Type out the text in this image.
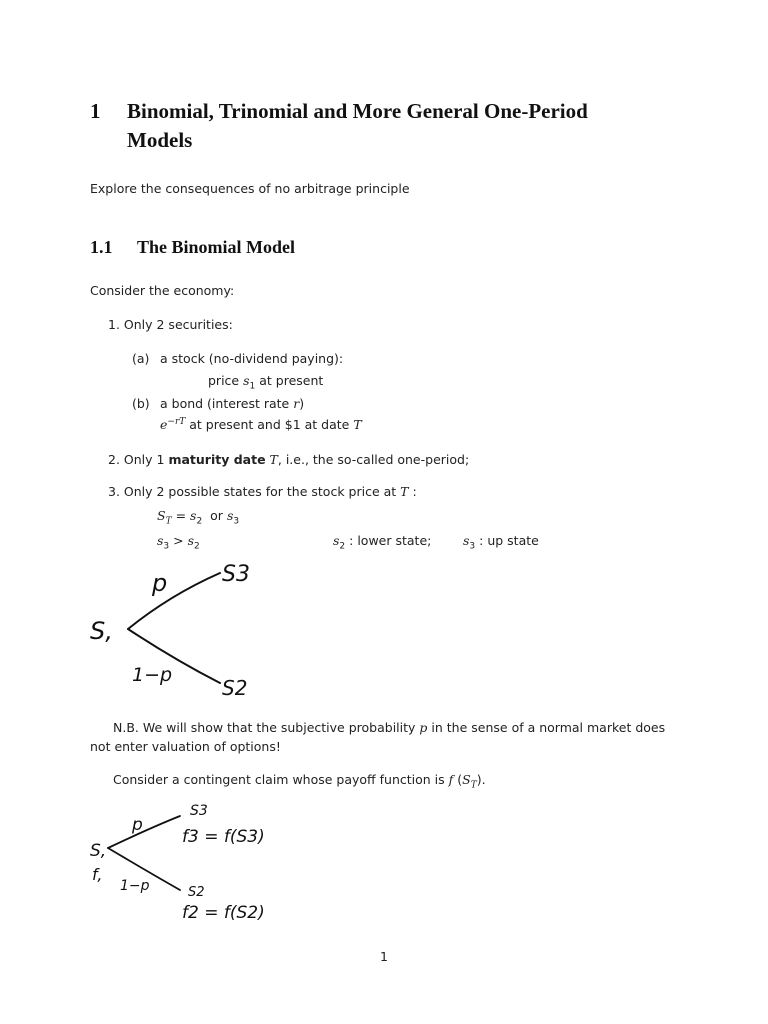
1 Binomial, Trinomial and More General One-Period
Models
Explore the consequences of no arbitrage principle
1.1 The Binomial Model
Consider the economy:
1. Only 2 securities:
(a) a stock (no-dividend paying):
price $s_1$ at present
(b) a bond (interest rate r)
$e^{-rT}$ at present and $1 at date T
2. Only 1 maturity date T, i.e., the so-called one-period;
3. Only 2 possible states for the stock price at T :
$S_T = s_2$ or $s_3$
$s_3 > s_2$	$s_2$ : lower state;	$s_3$ : up state
S,
p
1−p
S3
S2
N.B. We will show that the subjective probability p in the sense of a normal market does
not enter valuation of options!
Consider a contingent claim whose payoff function is f $(S_T)$.
S,
f,
p
1−p
S3
f3 = f(S3)
S2
f2 = f(S2)
1
